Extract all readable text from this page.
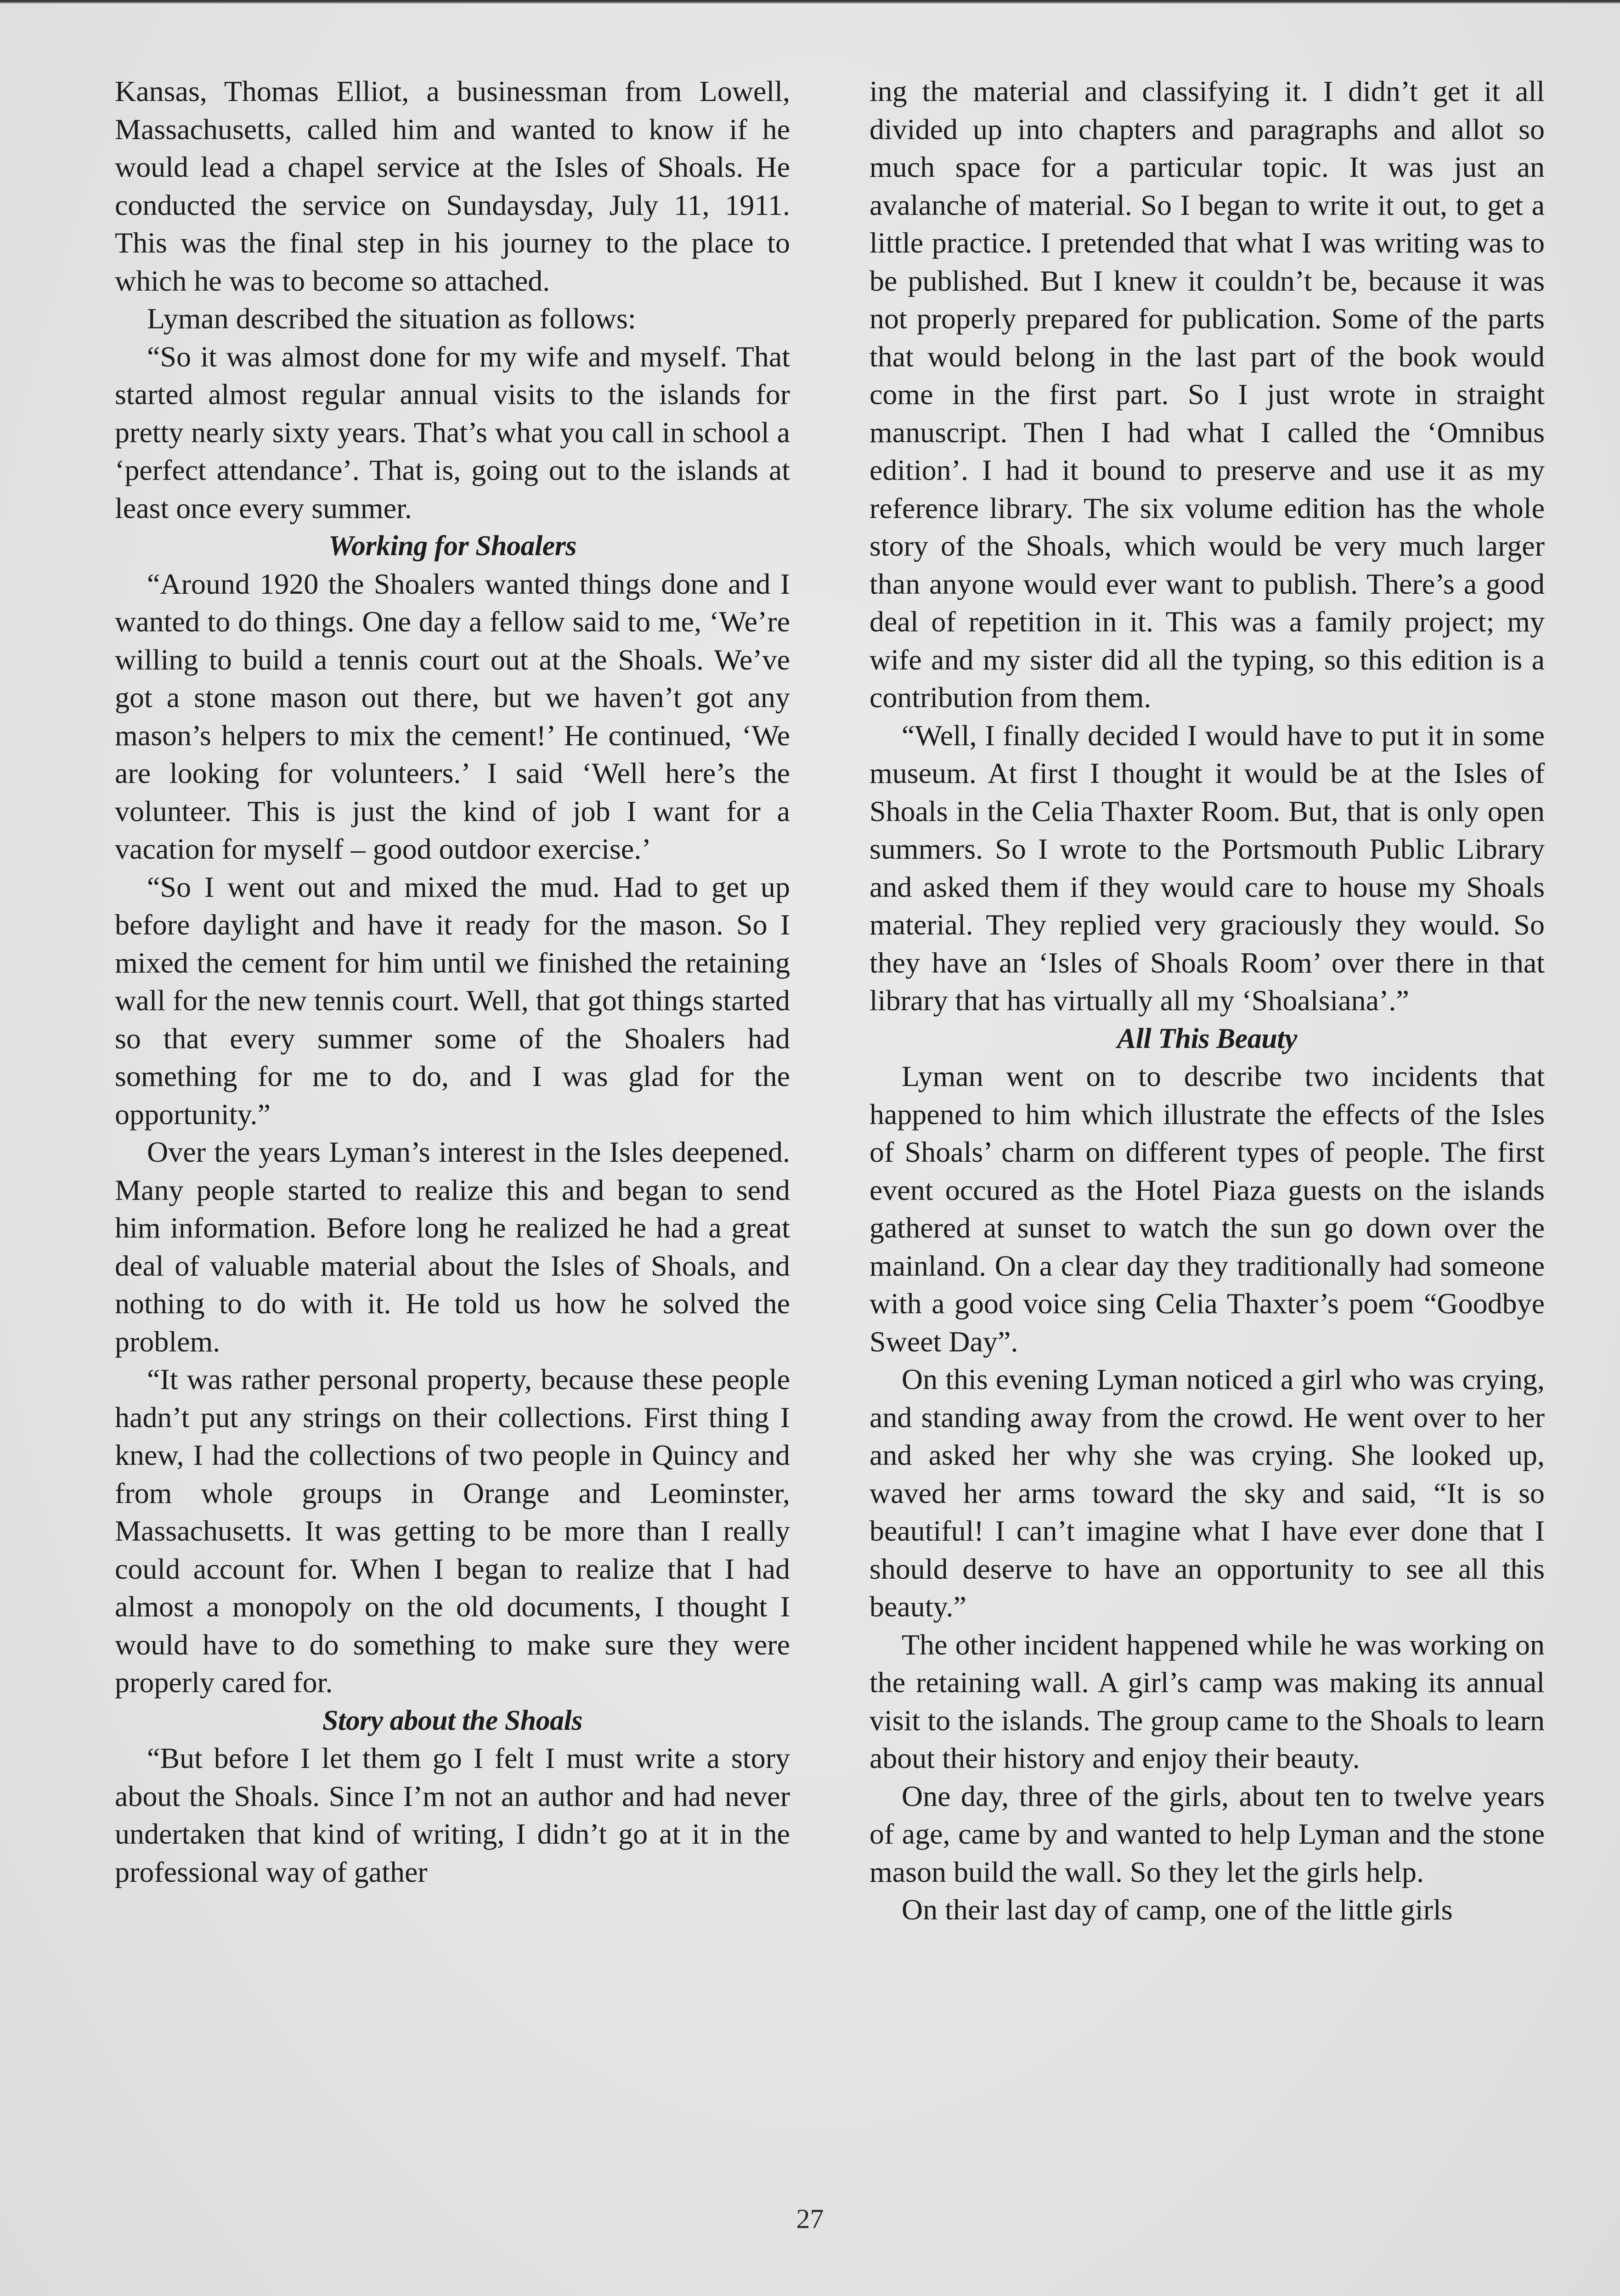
Kansas, Thomas Elliot, a businessman from Lowell, Massachusetts, called him and wanted to know if he would lead a chapel service at the Isles of Shoals. He conducted the service on Sundaysday, July 11, 1911. This was the final step in his journey to the place to which he was to become so attached.

Lyman described the situation as follows:

“So it was almost done for my wife and myself. That started almost regular annual visits to the islands for pretty nearly sixty years. That’s what you call in school a ‘perfect attendance’. That is, going out to the islands at least once every summer.

Working for Shoalers

“Around 1920 the Shoalers wanted things done and I wanted to do things. One day a fellow said to me, ‘We’re willing to build a tennis court out at the Shoals. We’ve got a stone mason out there, but we haven’t got any mason’s helpers to mix the cement!’ He continued, ‘We are looking for volunteers.’ I said ‘Well here’s the volunteer. This is just the kind of job I want for a vacation for myself – good outdoor exercise.’

“So I went out and mixed the mud. Had to get up before daylight and have it ready for the mason. So I mixed the cement for him until we finished the retaining wall for the new tennis court. Well, that got things started so that every summer some of the Shoalers had something for me to do, and I was glad for the opportunity.”

Over the years Lyman’s interest in the Isles deepened. Many people started to realize this and began to send him information. Before long he realized he had a great deal of valuable material about the Isles of Shoals, and nothing to do with it. He told us how he solved the problem.

“It was rather personal property, because these people hadn’t put any strings on their collections. First thing I knew, I had the collections of two people in Quincy and from whole groups in Orange and Leominster, Massachusetts. It was getting to be more than I really could account for. When I began to realize that I had almost a monopoly on the old documents, I thought I would have to do something to make sure they were properly cared for.

Story about the Shoals

“But before I let them go I felt I must write a story about the Shoals. Since I’m not an author and had never undertaken that kind of writing, I didn’t go at it in the professional way of gather

ing the material and classifying it. I didn’t get it all divided up into chapters and paragraphs and allot so much space for a particular topic. It was just an avalanche of material. So I began to write it out, to get a little practice. I pretended that what I was writing was to be published. But I knew it couldn’t be, because it was not properly prepared for publication. Some of the parts that would belong in the last part of the book would come in the first part. So I just wrote in straight manuscript. Then I had what I called the ‘Omnibus edition’. I had it bound to preserve and use it as my reference library. The six volume edition has the whole story of the Shoals, which would be very much larger than anyone would ever want to publish. There’s a good deal of repetition in it. This was a family project; my wife and my sister did all the typing, so this edition is a contribution from them.

“Well, I finally decided I would have to put it in some museum. At first I thought it would be at the Isles of Shoals in the Celia Thaxter Room. But, that is only open summers. So I wrote to the Portsmouth Public Library and asked them if they would care to house my Shoals material. They replied very graciously they would. So they have an ‘Isles of Shoals Room’ over there in that library that has virtually all my ‘Shoalsiana’.”

All This Beauty

Lyman went on to describe two incidents that happened to him which illustrate the effects of the Isles of Shoals’ charm on different types of people. The first event occured as the Hotel Piaza guests on the islands gathered at sunset to watch the sun go down over the mainland. On a clear day they traditionally had someone with a good voice sing Celia Thaxter’s poem “Goodbye Sweet Day”.

On this evening Lyman noticed a girl who was crying, and standing away from the crowd. He went over to her and asked her why she was crying. She looked up, waved her arms toward the sky and said, “It is so beautiful! I can’t imagine what I have ever done that I should deserve to have an opportunity to see all this beauty.”

The other incident happened while he was working on the retaining wall. A girl’s camp was making its annual visit to the islands. The group came to the Shoals to learn about their history and enjoy their beauty.

One day, three of the girls, about ten to twelve years of age, came by and wanted to help Lyman and the stone mason build the wall. So they let the girls help.

On their last day of camp, one of the little girls

27
